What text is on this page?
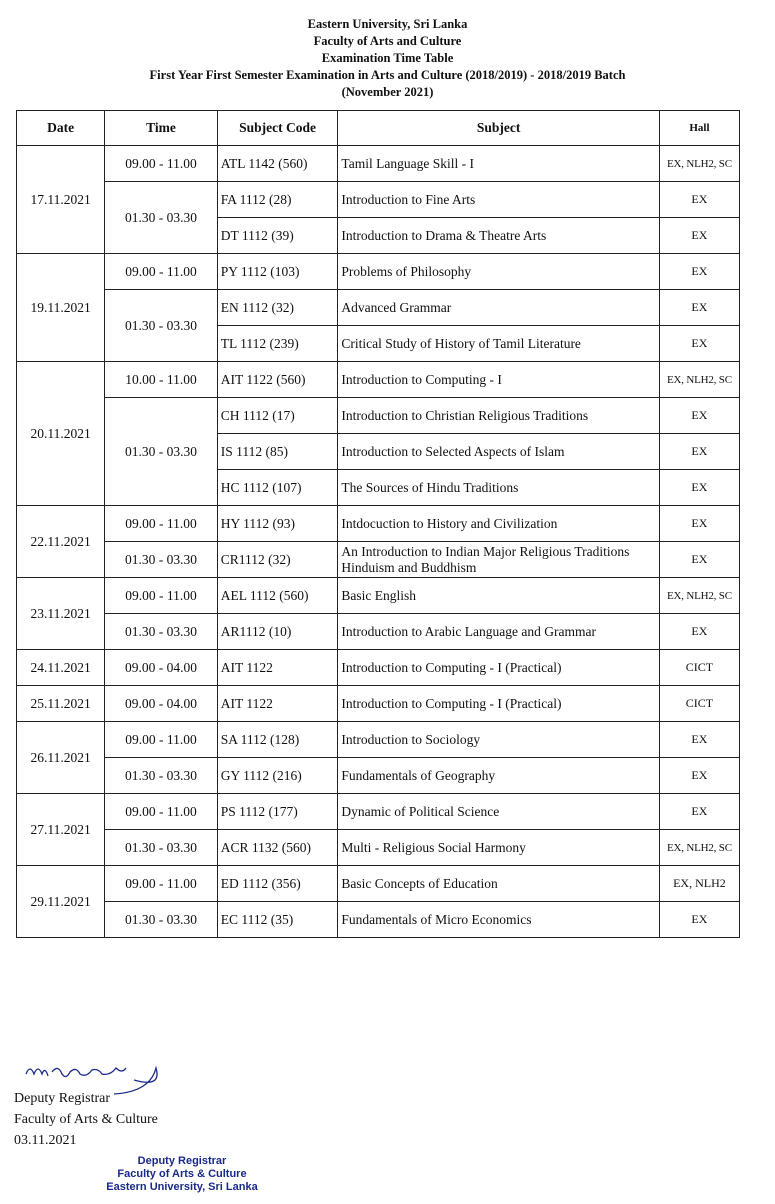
Eastern University, Sri Lanka
Faculty of Arts and Culture
Examination Time Table
First Year First Semester Examination in Arts and Culture (2018/2019) - 2018/2019 Batch
(November 2021)
Date	Time	Subject Code	Subject	Hall
17.11.2021	09.00 - 11.00	ATL 1142 (560)	Tamil Language Skill - I	EX, NLH2, SC
	01.30 - 03.30	FA 1112 (28)	Introduction to Fine Arts	EX
		DT 1112 (39)	Introduction to Drama & Theatre Arts	EX
19.11.2021	09.00 - 11.00	PY 1112 (103)	Problems of Philosophy	EX
	01.30 - 03.30	EN 1112 (32)	Advanced Grammar	EX
		TL 1112 (239)	Critical Study of History of Tamil Literature	EX
20.11.2021	10.00 - 11.00	AIT 1122 (560)	Introduction to Computing - I	EX, NLH2, SC
	01.30 - 03.30	CH 1112 (17)	Introduction to Christian Religious Traditions	EX
		IS 1112 (85)	Introduction to Selected Aspects of Islam	EX
		HC 1112 (107)	The Sources of Hindu Traditions	EX
22.11.2021	09.00 - 11.00	HY 1112 (93)	Intdocuction to History and Civilization	EX
	01.30 - 03.30	CR1112 (32)	An Introduction to Indian Major Religious Traditions Hinduism and Buddhism	EX
23.11.2021	09.00 - 11.00	AEL 1112 (560)	Basic English	EX, NLH2, SC
	01.30 - 03.30	AR1112 (10)	Introduction to Arabic Language and Grammar	EX
24.11.2021	09.00 - 04.00	AIT 1122	Introduction to Computing - I (Practical)	CICT
25.11.2021	09.00 - 04.00	AIT 1122	Introduction to Computing - I (Practical)	CICT
26.11.2021	09.00 - 11.00	SA 1112 (128)	Introduction to Sociology	EX
	01.30 - 03.30	GY 1112 (216)	Fundamentals of Geography	EX
27.11.2021	09.00 - 11.00	PS 1112 (177)	Dynamic of Political Science	EX
	01.30 - 03.30	ACR 1132 (560)	Multi - Religious Social Harmony	EX, NLH2, SC
29.11.2021	09.00 - 11.00	ED 1112 (356)	Basic Concepts of Education	EX, NLH2
	01.30 - 03.30	EC 1112 (35)	Fundamentals of Micro Economics	EX
Deputy Registrar
Faculty of Arts & Culture
03.11.2021
Deputy Registrar
Faculty of Arts & Culture
Eastern University, Sri Lanka
